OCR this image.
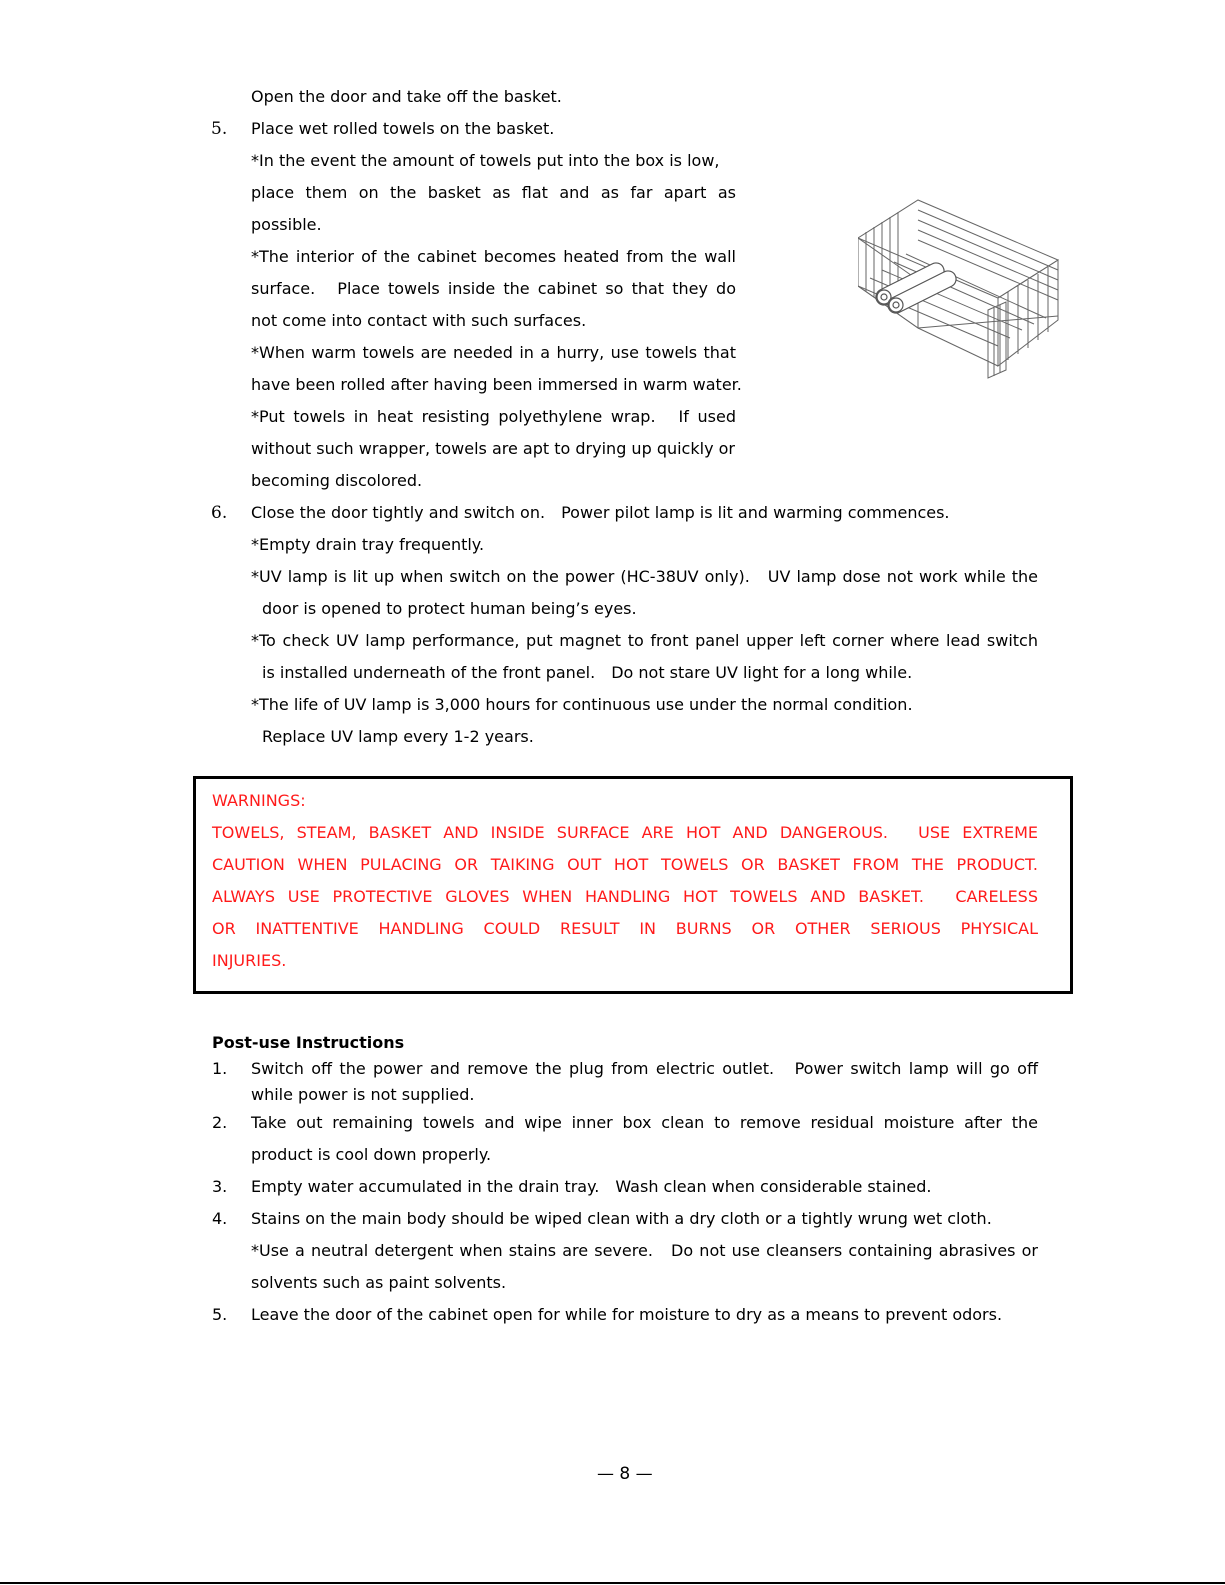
Open the door and take off the basket.
5. Place wet rolled towels on the basket.
*In the event the amount of towels put into the box is low,
place them on the basket as flat and as far apart as
possible.
*The interior of the cabinet becomes heated from the wall
surface.　Place towels inside the cabinet so that they do
not come into contact with such surfaces.
*When warm towels are needed in a hurry, use towels that
have been rolled after having been immersed in warm water.
*Put towels in heat resisting polyethylene wrap.　If used
without such wrapper, towels are apt to drying up quickly or
becoming discolored.
6. Close the door tightly and switch on.　Power pilot lamp is lit and warming commences.
*Empty drain tray frequently.
*UV lamp is lit up when switch on the power (HC-38UV only).　UV lamp dose not work while the
door is opened to protect human being’s eyes.
*To check UV lamp performance, put magnet to front panel upper left corner where lead switch
is installed underneath of the front panel.　Do not stare UV light for a long while.
*The life of UV lamp is 3,000 hours for continuous use under the normal condition.
Replace UV lamp every 1-2 years.
WARNINGS:
TOWELS, STEAM, BASKET AND INSIDE SURFACE ARE HOT AND DANGEROUS.　USE EXTREME
CAUTION WHEN PULACING OR TAIKING OUT HOT TOWELS OR BASKET FROM THE PRODUCT.
ALWAYS USE PROTECTIVE GLOVES WHEN HANDLING HOT TOWELS AND BASKET.　CARELESS
OR INATTENTIVE HANDLING COULD RESULT IN BURNS OR OTHER SERIOUS PHYSICAL
INJURIES.
Post-use Instructions
1. Switch off the power and remove the plug from electric outlet.　Power switch lamp will go off
while power is not supplied.
2. Take out remaining towels and wipe inner box clean to remove residual moisture after the
product is cool down properly.
3. Empty water accumulated in the drain tray.　Wash clean when considerable stained.
4. Stains on the main body should be wiped clean with a dry cloth or a tightly wrung wet cloth.
*Use a neutral detergent when stains are severe.　Do not use cleansers containing abrasives or
solvents such as paint solvents.
5. Leave the door of the cabinet open for while for moisture to dry as a means to prevent odors.
— 8 —
